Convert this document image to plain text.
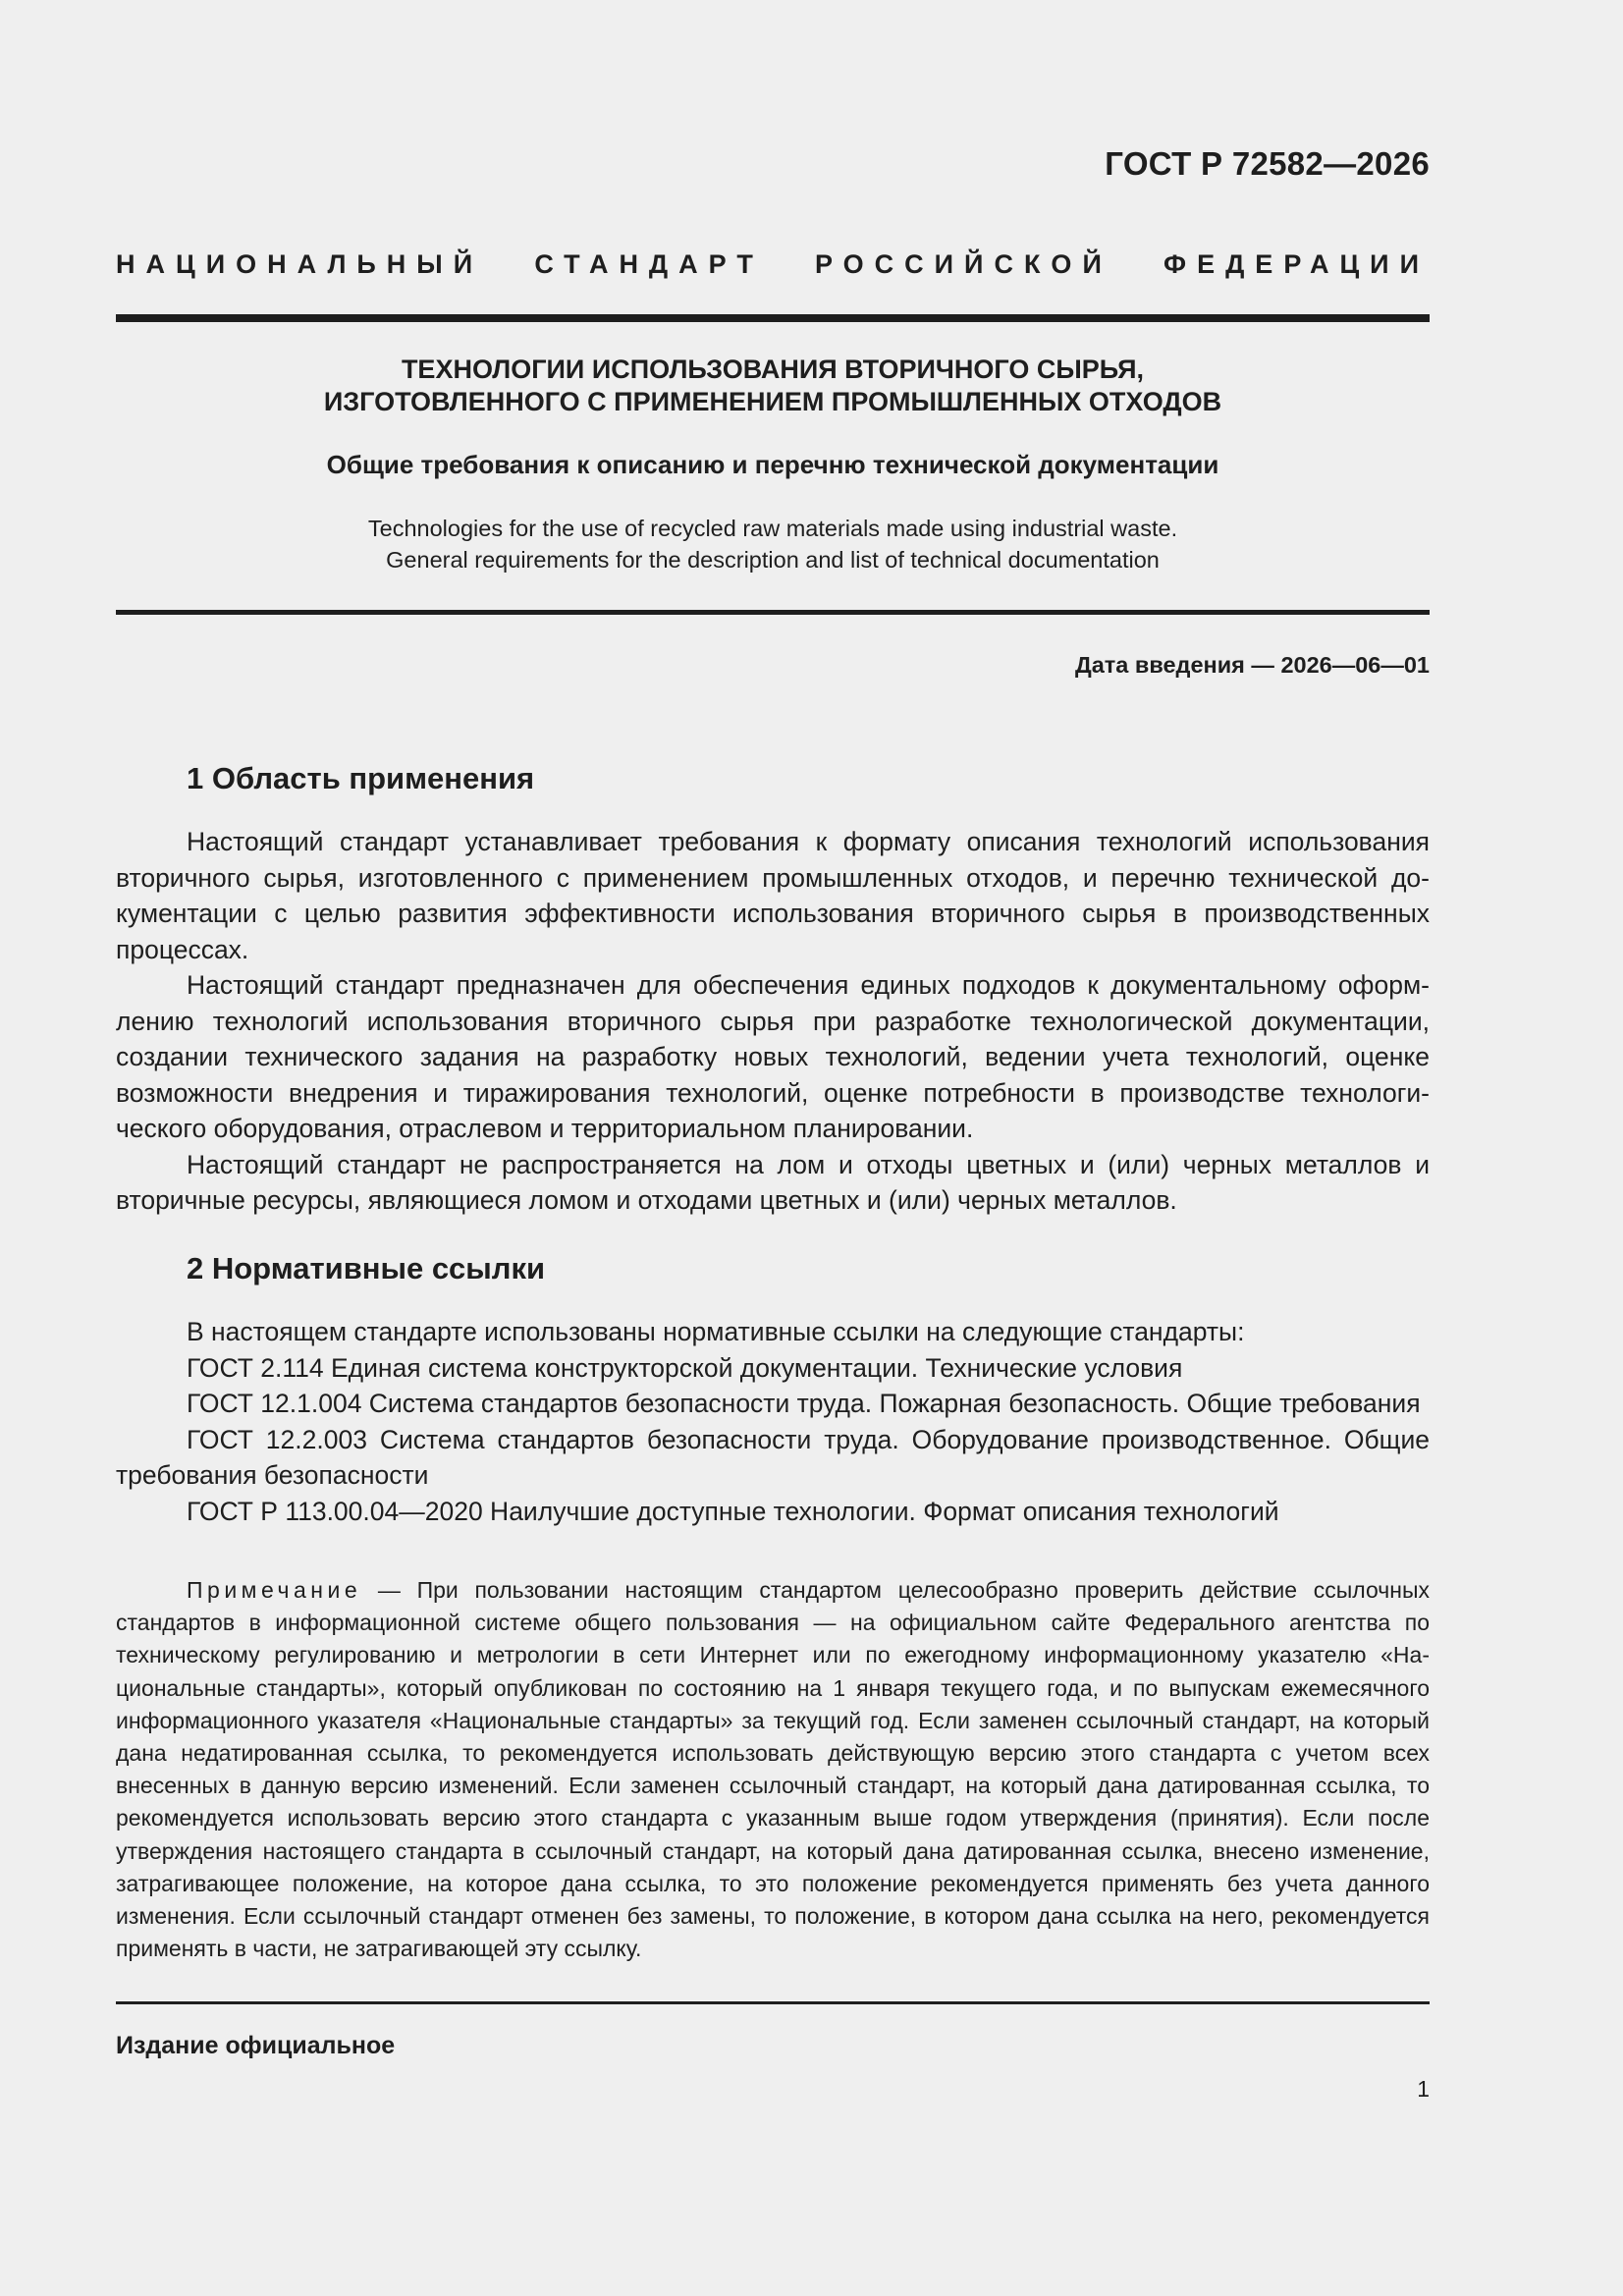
ГОСТ Р 72582—2026
НАЦИОНАЛЬНЫЙ СТАНДАРТ РОССИЙСКОЙ ФЕДЕРАЦИИ
ТЕХНОЛОГИИ ИСПОЛЬЗОВАНИЯ ВТОРИЧНОГО СЫРЬЯ,
ИЗГОТОВЛЕННОГО С ПРИМЕНЕНИЕМ ПРОМЫШЛЕННЫХ ОТХОДОВ
Общие требования к описанию и перечню технической документации
Technologies for the use of recycled raw materials made using industrial waste.
General requirements for the description and list of technical documentation
Дата введения — 2026—06—01
1 Область применения

Настоящий стандарт устанавливает требования к формату описания технологий использования вторичного сырья, изготовленного с применением промышленных отходов, и перечню технической документации с целью развития эффективности использования вторичного сырья в производственных процессах.

Настоящий стандарт предназначен для обеспечения единых подходов к документальному оформлению технологий использования вторичного сырья при разработке технологической документации, создании технического задания на разработку новых технологий, ведении учета технологий, оценке возможности внедрения и тиражирования технологий, оценке потребности в производстве технологического оборудования, отраслевом и территориальном планировании.

Настоящий стандарт не распространяется на лом и отходы цветных и (или) черных металлов и вторичные ресурсы, являющиеся ломом и отходами цветных и (или) черных металлов.

2 Нормативные ссылки

В настоящем стандарте использованы нормативные ссылки на следующие стандарты:

ГОСТ 2.114 Единая система конструкторской документации. Технические условия

ГОСТ 12.1.004 Система стандартов безопасности труда. Пожарная безопасность. Общие требования

ГОСТ 12.2.003 Система стандартов безопасности труда. Оборудование производственное. Общие требования безопасности

ГОСТ Р 113.00.04—2020 Наилучшие доступные технологии. Формат описания технологий

Примечание — При пользовании настоящим стандартом целесообразно проверить действие ссылочных стандартов в информационной системе общего пользования — на официальном сайте Федерального агентства по техническому регулированию и метрологии в сети Интернет или по ежегодному информационному указателю «Национальные стандарты», который опубликован по состоянию на 1 января текущего года, и по выпускам ежемесячного информационного указателя «Национальные стандарты» за текущий год. Если заменен ссылочный стандарт, на который дана недатированная ссылка, то рекомендуется использовать действующую версию этого стандарта с учетом всех внесенных в данную версию изменений. Если заменен ссылочный стандарт, на который дана датированная ссылка, то рекомендуется использовать версию этого стандарта с указанным выше годом утверждения (принятия). Если после утверждения настоящего стандарта в ссылочный стандарт, на который дана датированная ссылка, внесено изменение, затрагивающее положение, на которое дана ссылка, то это положение рекомендуется применять без учета данного изменения. Если ссылочный стандарт отменен без замены, то положение, в котором дана ссылка на него, рекомендуется применять в части, не затрагивающей эту ссылку.
Издание официальное
1
